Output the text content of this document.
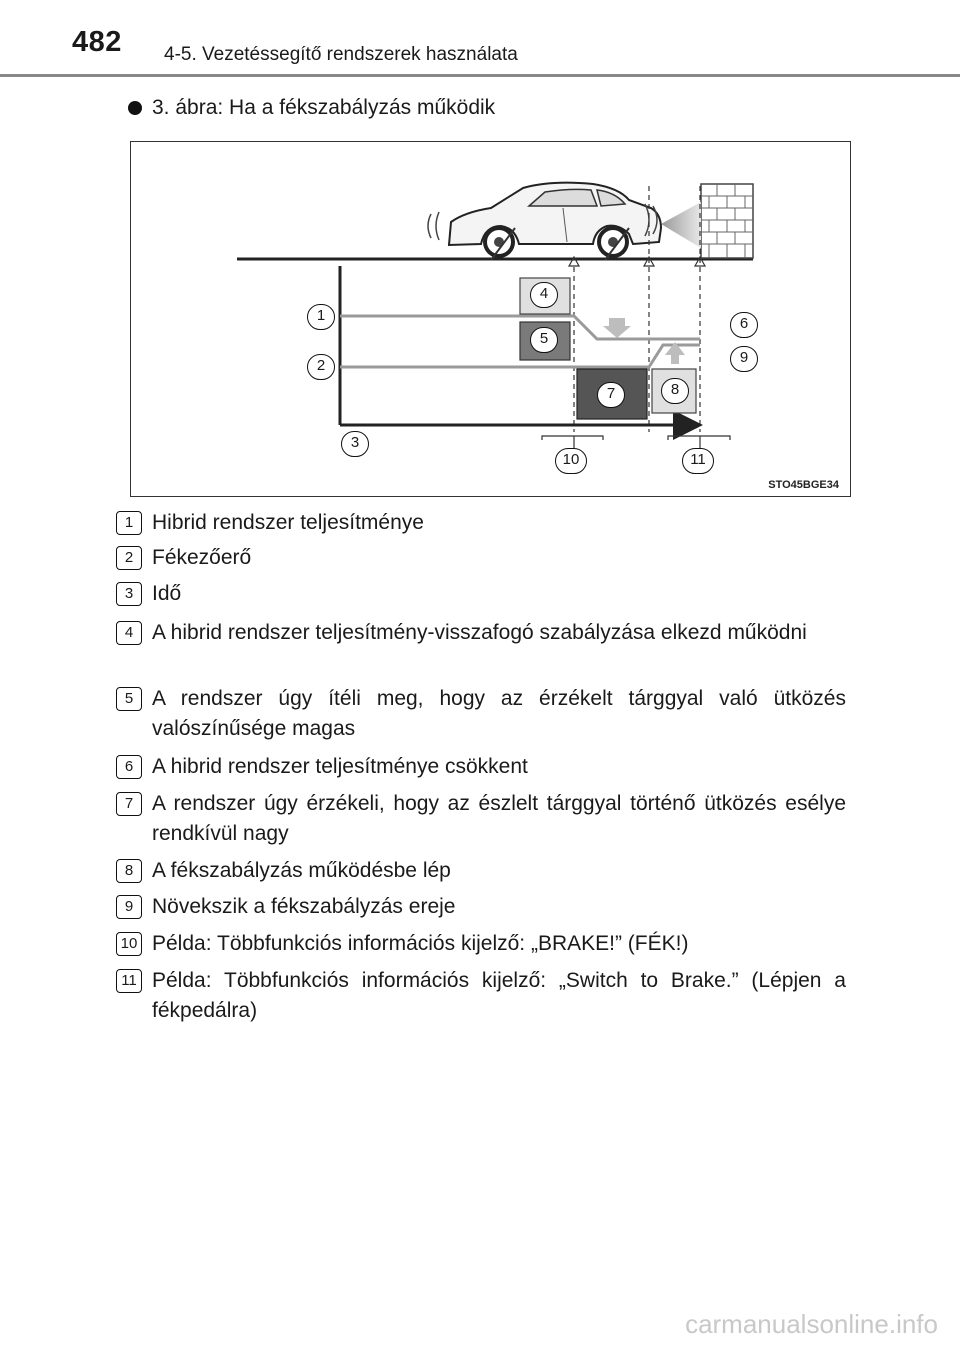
482 4-5. Vezetéssegítő rendszerek használata
3. ábra: Ha a fékszabályzás működik
STO45BGE34
1
2
3
4
5
6
7	8
9
10	11
1 Hibrid rendszer teljesítménye
2 Fékezőerő
3 Idő
4 A hibrid rendszer teljesítmény-visszafogó szabályzása elkezd működni
5 A rendszer úgy ítéli meg, hogy az érzékelt tárggyal való ütközés valószínűsége magas
6 A hibrid rendszer teljesítménye csökkent
7 A rendszer úgy érzékeli, hogy az észlelt tárggyal történő ütközés esélye rendkívül nagy
8 A fékszabályzás működésbe lép
9 Növekszik a fékszabályzás ereje
10 Példa: Többfunkciós információs kijelző: „BRAKE!” (FÉK!)
11 Példa: Többfunkciós információs kijelző: „Switch to Brake.” (Lépjen a fékpedálra)
carmanualsonline.info
